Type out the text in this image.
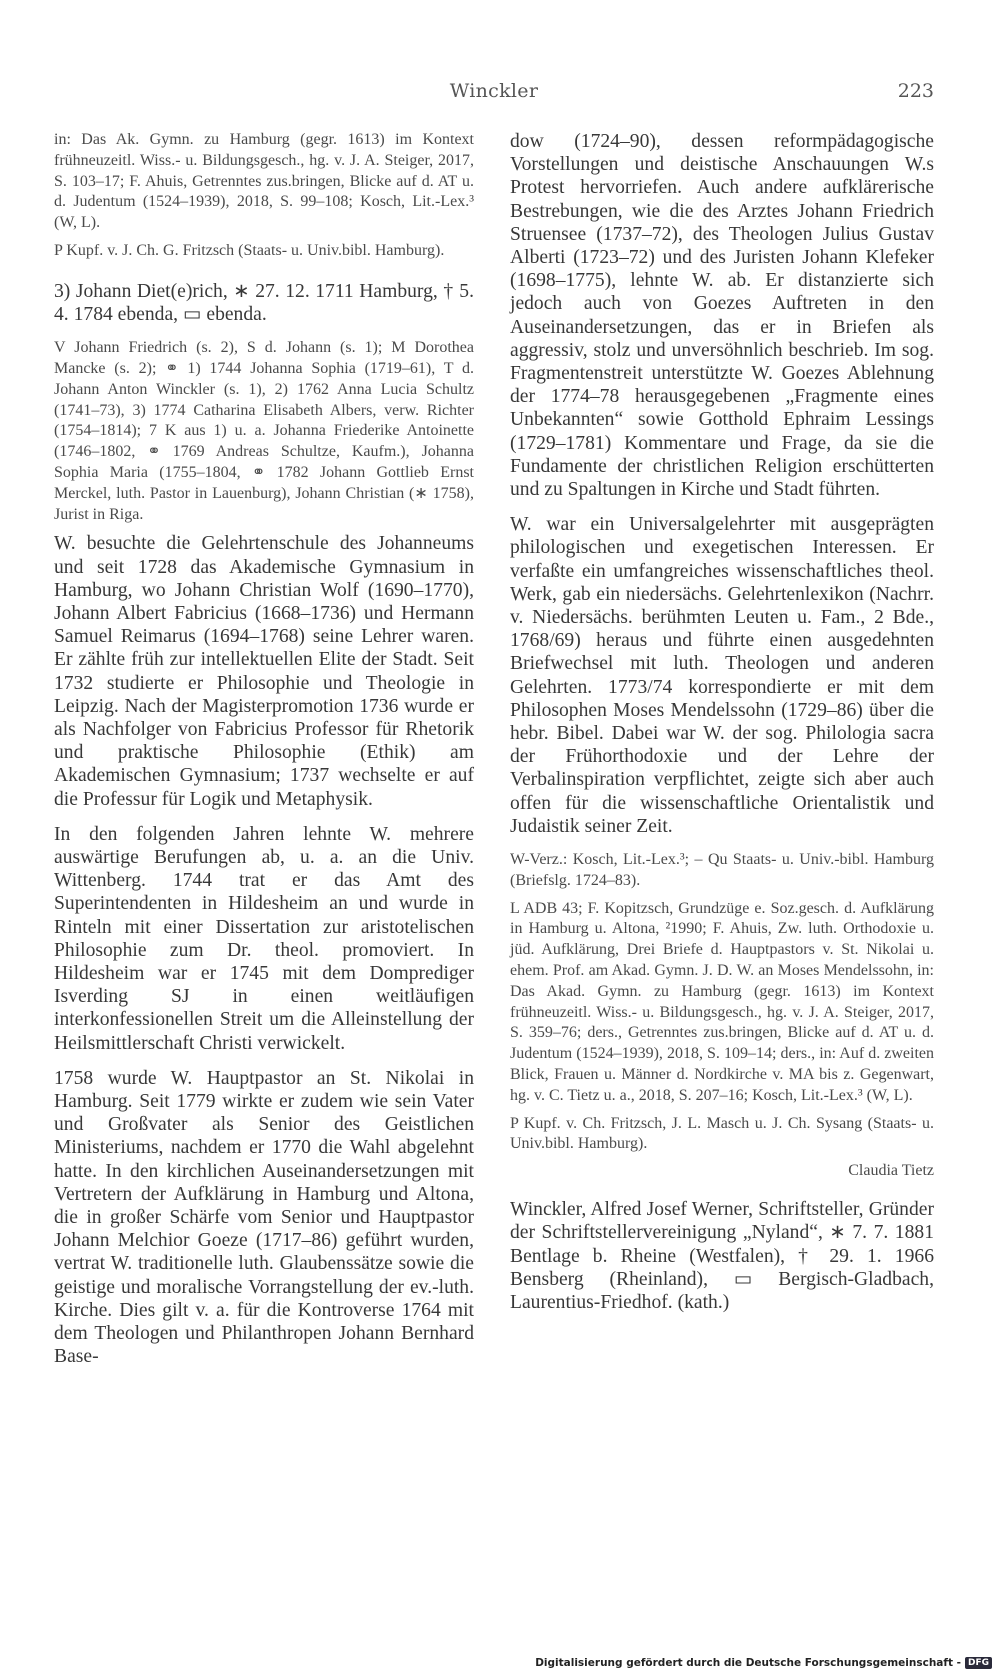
Winckler	223

in: Das Ak. Gymn. zu Hamburg (gegr. 1613) im Kontext frühneuzeitl. Wiss.- u. Bildungsgesch., hg. v. J. A. Steiger, 2017, S. 103–17; F. Ahuis, Getrenntes zus.bringen, Blicke auf d. AT u. d. Judentum (1524–1939), 2018, S. 99–108; Kosch, Lit.-Lex.³ (W, L).

P Kupf. v. J. Ch. G. Fritzsch (Staats- u. Univ.bibl. Hamburg).

3) Johann Diet(e)rich, ∗ 27. 12. 1711 Hamburg, † 5. 4. 1784 ebenda, ▭ ebenda.

V Johann Friedrich (s. 2), S d. Johann (s. 1); M Dorothea Mancke (s. 2); ⚭ 1) 1744 Johanna Sophia (1719–61), T d. Johann Anton Winckler (s. 1), 2) 1762 Anna Lucia Schultz (1741–73), 3) 1774 Catharina Elisabeth Albers, verw. Richter (1754–1814); 7 K aus 1) u. a. Johanna Friederike Antoinette (1746–1802, ⚭ 1769 Andreas Schultze, Kaufm.), Johanna Sophia Maria (1755–1804, ⚭ 1782 Johann Gottlieb Ernst Merckel, luth. Pastor in Lauenburg), Johann Christian (∗ 1758), Jurist in Riga.

W. besuchte die Gelehrtenschule des Johanneums und seit 1728 das Akademische Gymnasium in Hamburg, wo Johann Christian Wolf (1690–1770), Johann Albert Fabricius (1668–1736) und Hermann Samuel Reimarus (1694–1768) seine Lehrer waren. Er zählte früh zur intellektuellen Elite der Stadt. Seit 1732 studierte er Philosophie und Theologie in Leipzig. Nach der Magisterpromotion 1736 wurde er als Nachfolger von Fabricius Professor für Rhetorik und praktische Philosophie (Ethik) am Akademischen Gymnasium; 1737 wechselte er auf die Professur für Logik und Metaphysik.

In den folgenden Jahren lehnte W. mehrere auswärtige Berufungen ab, u. a. an die Univ. Wittenberg. 1744 trat er das Amt des Superintendenten in Hildesheim an und wurde in Rinteln mit einer Dissertation zur aristotelischen Philosophie zum Dr. theol. promoviert. In Hildesheim war er 1745 mit dem Domprediger Isverding SJ in einen weitläufigen interkonfessionellen Streit um die Alleinstellung der Heilsmittlerschaft Christi verwickelt.

1758 wurde W. Hauptpastor an St. Nikolai in Hamburg. Seit 1779 wirkte er zudem wie sein Vater und Großvater als Senior des Geistlichen Ministeriums, nachdem er 1770 die Wahl abgelehnt hatte. In den kirchlichen Auseinandersetzungen mit Vertretern der Aufklärung in Hamburg und Altona, die in großer Schärfe vom Senior und Hauptpastor Johann Melchior Goeze (1717–86) geführt wurden, vertrat W. traditionelle luth. Glaubenssätze sowie die geistige und moralische Vorrangstellung der ev.-luth. Kirche. Dies gilt v. a. für die Kontroverse 1764 mit dem Theologen und Philanthropen Johann Bernhard Base-

dow (1724–90), dessen reformpädagogische Vorstellungen und deistische Anschauungen W.s Protest hervorriefen. Auch andere aufklärerische Bestrebungen, wie die des Arztes Johann Friedrich Struensee (1737–72), des Theologen Julius Gustav Alberti (1723–72) und des Juristen Johann Klefeker (1698–1775), lehnte W. ab. Er distanzierte sich jedoch auch von Goezes Auftreten in den Auseinandersetzungen, das er in Briefen als aggressiv, stolz und unversöhnlich beschrieb. Im sog. Fragmentenstreit unterstützte W. Goezes Ablehnung der 1774–78 herausgegebenen „Fragmente eines Unbekannten“ sowie Gotthold Ephraim Lessings (1729–1781) Kommentare und Frage, da sie die Fundamente der christlichen Religion erschütterten und zu Spaltungen in Kirche und Stadt führten.

W. war ein Universalgelehrter mit ausgeprägten philologischen und exegetischen Interessen. Er verfaßte ein umfangreiches wissenschaftliches theol. Werk, gab ein niedersächs. Gelehrtenlexikon (Nachrr. v. Niedersächs. berühmten Leuten u. Fam., 2 Bde., 1768/69) heraus und führte einen ausgedehnten Briefwechsel mit luth. Theologen und anderen Gelehrten. 1773/74 korrespondierte er mit dem Philosophen Moses Mendelssohn (1729–86) über die hebr. Bibel. Dabei war W. der sog. Philologia sacra der Frühorthodoxie und der Lehre der Verbalinspiration verpflichtet, zeigte sich aber auch offen für die wissenschaftliche Orientalistik und Judaistik seiner Zeit.

W-Verz.: Kosch, Lit.-Lex.³; – Qu Staats- u. Univ.-bibl. Hamburg (Briefslg. 1724–83).

L ADB 43; F. Kopitzsch, Grundzüge e. Soz.gesch. d. Aufklärung in Hamburg u. Altona, ²1990; F. Ahuis, Zw. luth. Orthodoxie u. jüd. Aufklärung, Drei Briefe d. Hauptpastors v. St. Nikolai u. ehem. Prof. am Akad. Gymn. J. D. W. an Moses Mendelssohn, in: Das Akad. Gymn. zu Hamburg (gegr. 1613) im Kontext frühneuzeitl. Wiss.- u. Bildungsgesch., hg. v. J. A. Steiger, 2017, S. 359–76; ders., Getrenntes zus.bringen, Blicke auf d. AT u. d. Judentum (1524–1939), 2018, S. 109–14; ders., in: Auf d. zweiten Blick, Frauen u. Männer d. Nordkirche v. MA bis z. Gegenwart, hg. v. C. Tietz u. a., 2018, S. 207–16; Kosch, Lit.-Lex.³ (W, L).

P Kupf. v. Ch. Fritzsch, J. L. Masch u. J. Ch. Sysang (Staats- u. Univ.bibl. Hamburg).

Claudia Tietz

Winckler, Alfred Josef Werner, Schriftsteller, Gründer der Schriftstellervereinigung „Nyland“, ∗ 7. 7. 1881 Bentlage b. Rheine (Westfalen), † 29. 1. 1966 Bensberg (Rheinland), ▭ Bergisch-Gladbach, Laurentius-Friedhof. (kath.)

Digitalisierung gefördert durch die Deutsche Forschungsgemeinschaft - DFG
